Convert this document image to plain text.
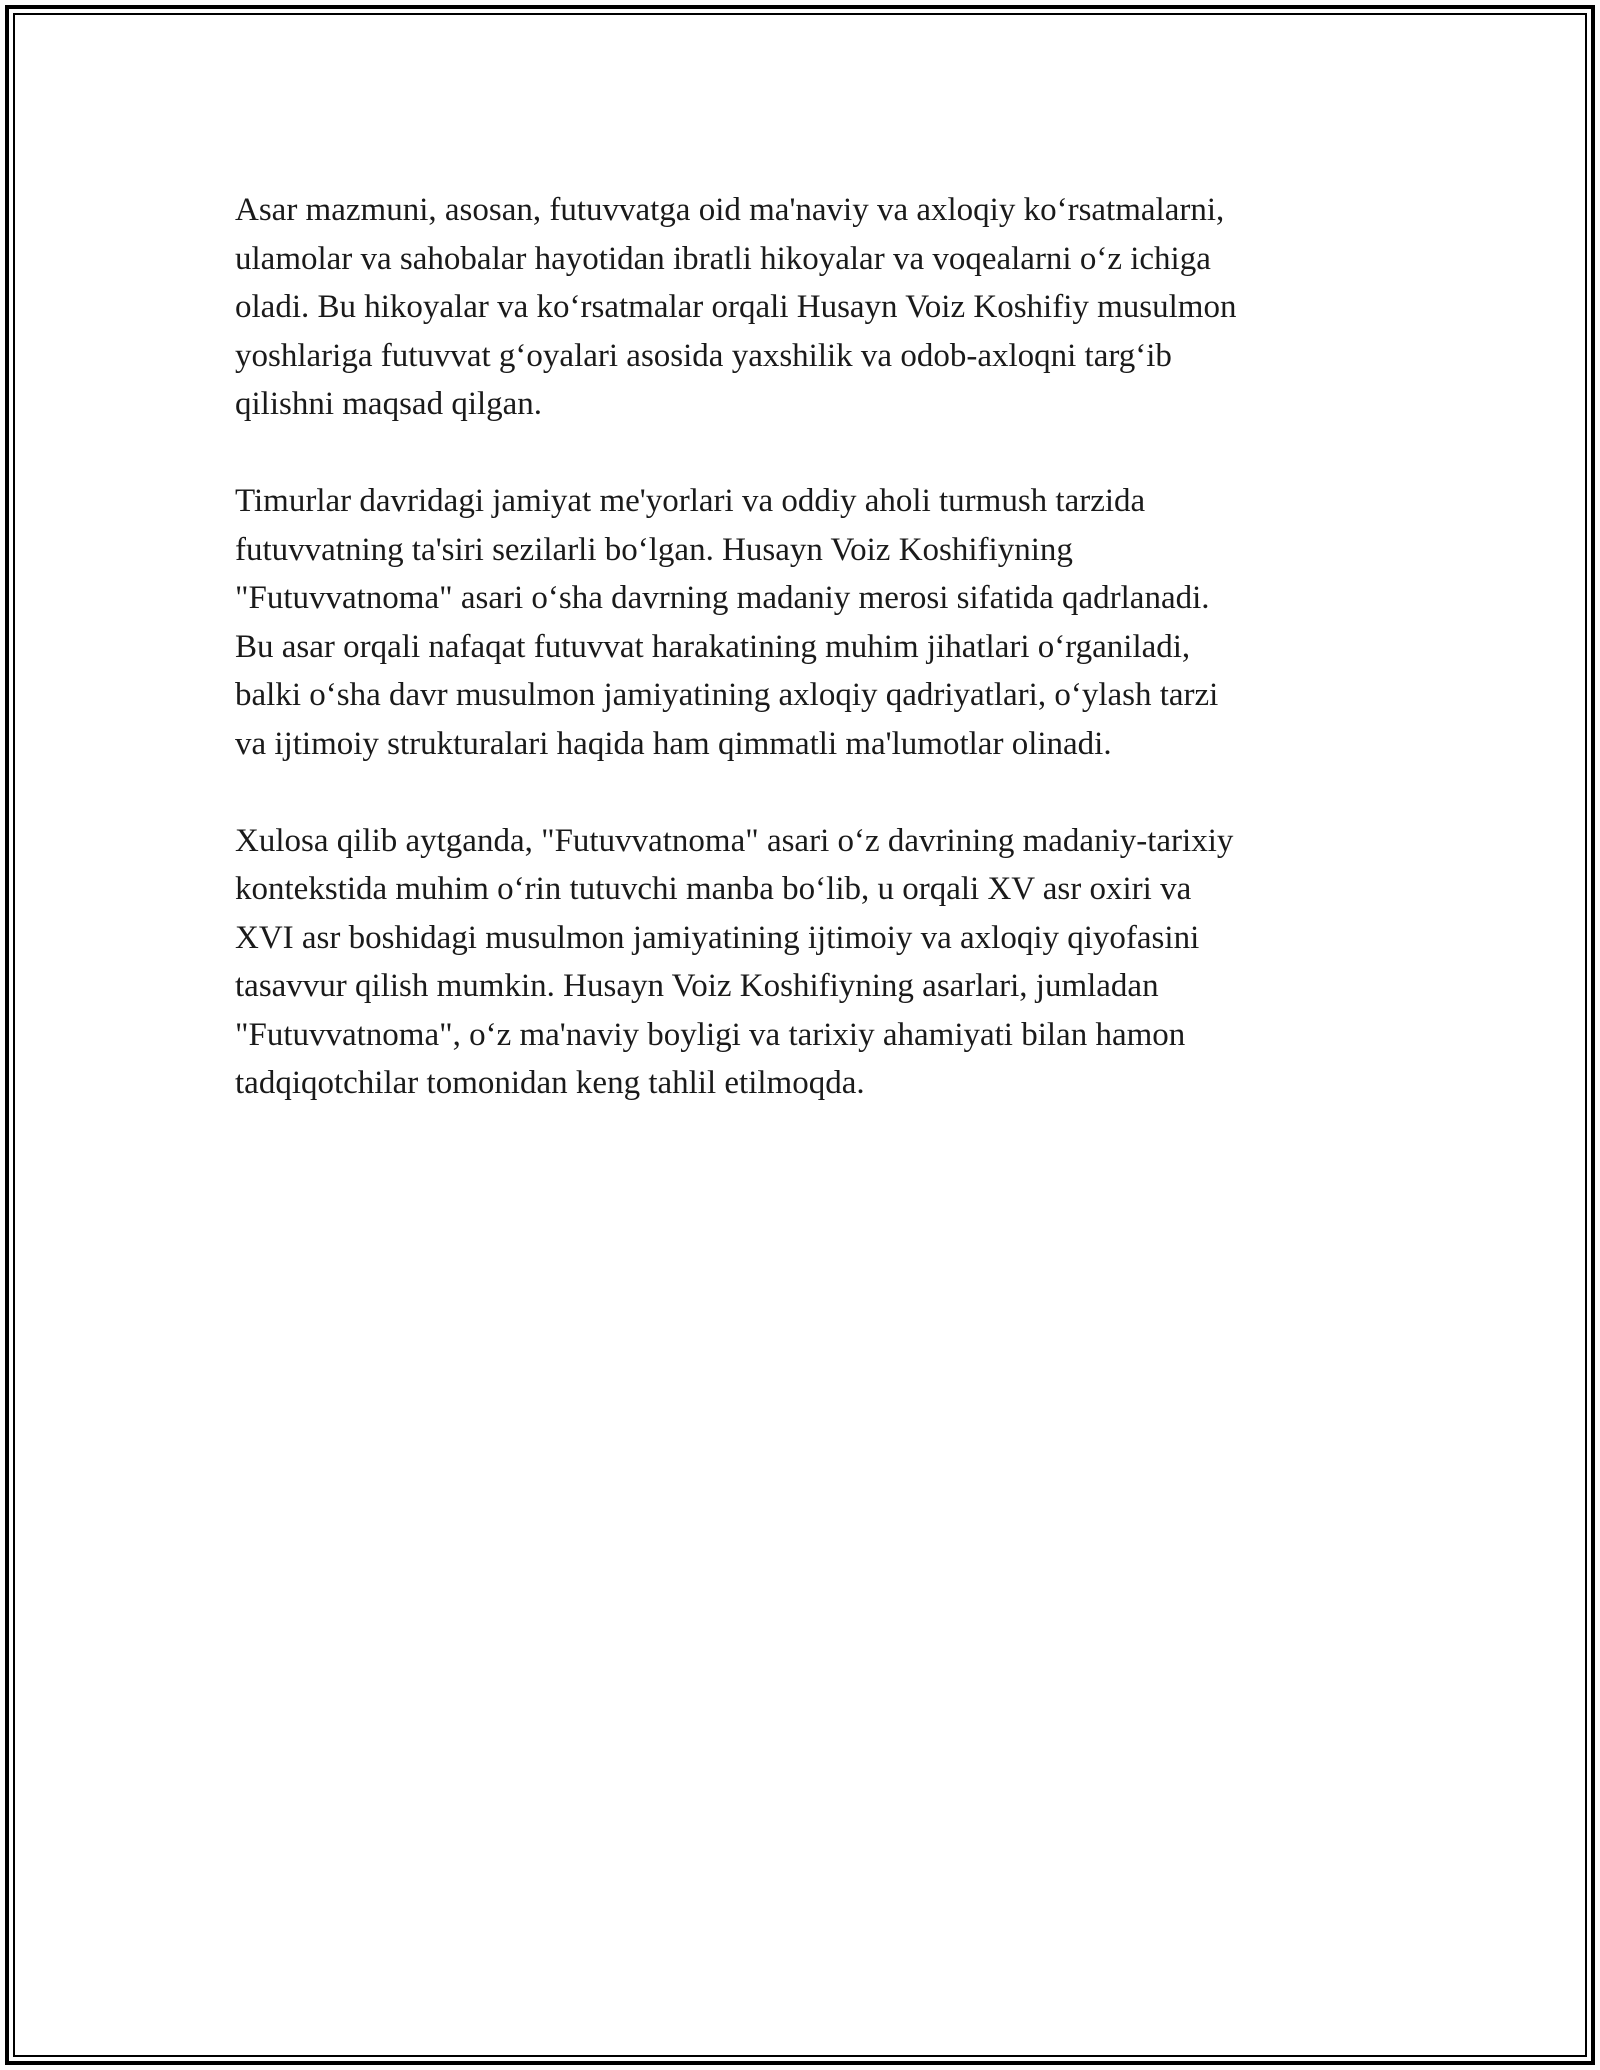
Asar mazmuni, asosan, futuvvatga oid ma'naviy va axloqiy ko‘rsatmalarni,
ulamolar va sahobalar hayotidan ibratli hikoyalar va voqealarni o‘z ichiga
oladi. Bu hikoyalar va ko‘rsatmalar orqali Husayn Voiz Koshifiy musulmon
yoshlariga futuvvat g‘oyalari asosida yaxshilik va odob-axloqni targ‘ib
qilishni maqsad qilgan.

Timurlar davridagi jamiyat me'yorlari va oddiy aholi turmush tarzida
futuvvatning ta'siri sezilarli bo‘lgan. Husayn Voiz Koshifiyning
"Futuvvatnoma" asari o‘sha davrning madaniy merosi sifatida qadrlanadi.
Bu asar orqali nafaqat futuvvat harakatining muhim jihatlari o‘rganiladi,
balki o‘sha davr musulmon jamiyatining axloqiy qadriyatlari, o‘ylash tarzi
va ijtimoiy strukturalari haqida ham qimmatli ma'lumotlar olinadi.

Xulosa qilib aytganda, "Futuvvatnoma" asari o‘z davrining madaniy-tarixiy
kontekstida muhim o‘rin tutuvchi manba bo‘lib, u orqali XV asr oxiri va
XVI asr boshidagi musulmon jamiyatining ijtimoiy va axloqiy qiyofasini
tasavvur qilish mumkin. Husayn Voiz Koshifiyning asarlari, jumladan
"Futuvvatnoma", o‘z ma'naviy boyligi va tarixiy ahamiyati bilan hamon
tadqiqotchilar tomonidan keng tahlil etilmoqda.
